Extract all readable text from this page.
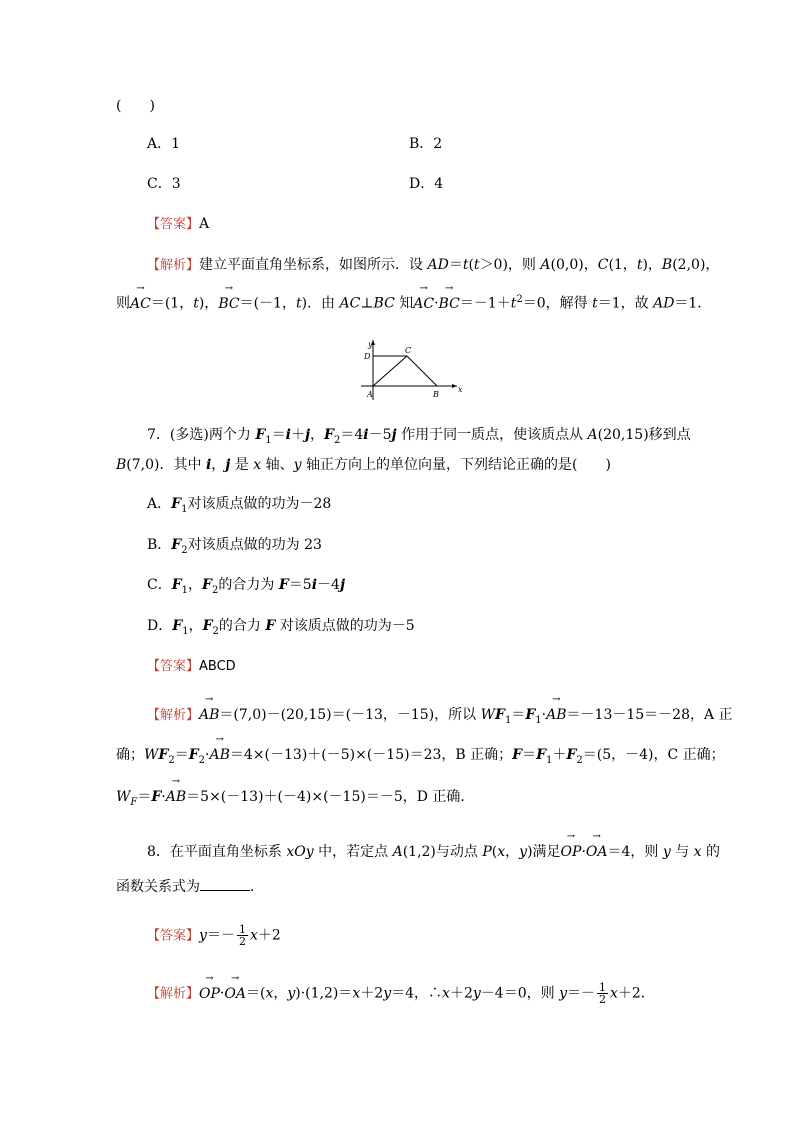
(　　)
A．1	B．2
C．3	D．4
【答案】A
【解析】建立平面直角坐标系，如图所示．设 AD＝t(t＞0)，则 A(0,0)，C(1，t)，B(2,0)，
则→ AC＝(1，t)，→ BC＝(－1，t)．由 AC⊥BC 知→ $AC\cdot\to BC=-1+t^2=0$，解得 t＝1，故 AD＝1．
y
x
D
C
A	B
7．(多选)两个力 $F_1=i+j$，$F_2=4i-5j$ 作用于同一质点，使该质点从 A(20,15)移到点
B(7,0)．其中 i，j 是 x 轴、y 轴正方向上的单位向量，下列结论正确的是(　　)
A．$F_1$对该质点做的功为－28
B．$F_2$对该质点做的功为 23
C．$F_1$，$F_2$的合力为 F＝5i－4j
D．$F_1$，$F_2$的合力 F 对该质点做的功为－5
【答案】ABCD
【解析】→ AB＝(7,0)－(20,15)＝(－13，－15)，所以 $WF_1=F_1\cdot\to AB=-13-15=-28$，A 正
确；$WF_2=F_2\cdot\to AB=4\times(-13)+(-5)\times(-15)=23$，B 正确；$F=F_1+F_2=(5$，－4)，C 正确；
$W_F=F\cdot\to AB=5\times(-13)+(-4)\times(-15)=-5$，D 正确．
8．在平面直角坐标系 xOy 中，若定点 A(1,2)与动点 P(x，y)满足→ OP·→ OA＝4，则 y 与 x 的
函数关系式为	．
【答案】$y=- \frac{1}{2} x+2$
【解析】→ OP·→ OA＝(x，y)·(1,2)＝x＋2y＝4，∴x＋2y－4＝0，则 $y=- \frac{1}{2} x+2$．
